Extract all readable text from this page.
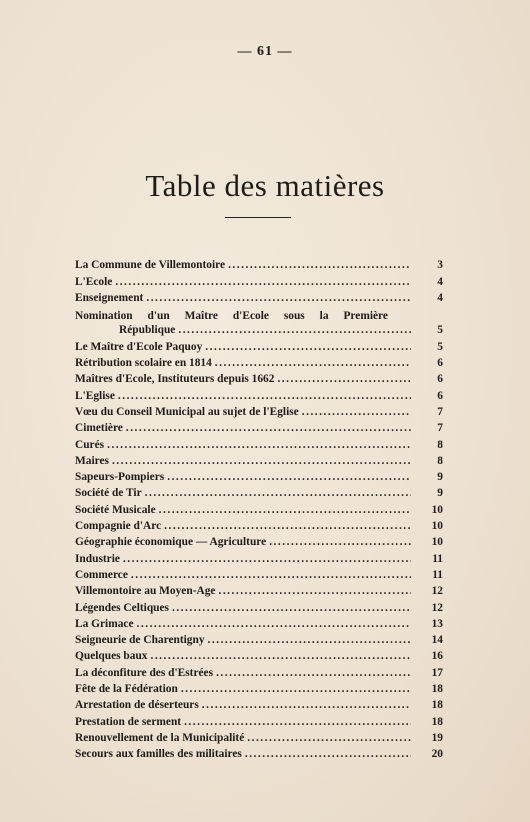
— 61 —
Table des matières
La Commune de Villemontoire .....	3
L'Ecole .....	4
Enseignement .....	4
Nomination d'un Maître d'Ecole sous la Première
République .....	5
Le Maître d'Ecole Paquoy .....	5
Rétribution scolaire en 1814 .....	6
Maîtres d'Ecole, Instituteurs depuis 1662 .....	6
L'Eglise .....	6
Vœu du Conseil Municipal au sujet de l'Eglise .....	7
Cimetière .....	7
Curés .....	8
Maires .....	8
Sapeurs-Pompiers .....	9
Société de Tir .....	9
Société Musicale .....	10
Compagnie d'Arc .....	10
Géographie économique — Agriculture .....	10
Industrie .....	11
Commerce .....	11
Villemontoire au Moyen-Age .....	12
Légendes Celtiques .....	12
La Grimace .....	13
Seigneurie de Charentigny .....	14
Quelques baux .....	16
La déconfiture des d'Estrées .....	17
Fête de la Fédération .....	18
Arrestation de déserteurs .....	18
Prestation de serment .....	18
Renouvellement de la Municipalité .....	19
Secours aux familles des militaires .....	20
